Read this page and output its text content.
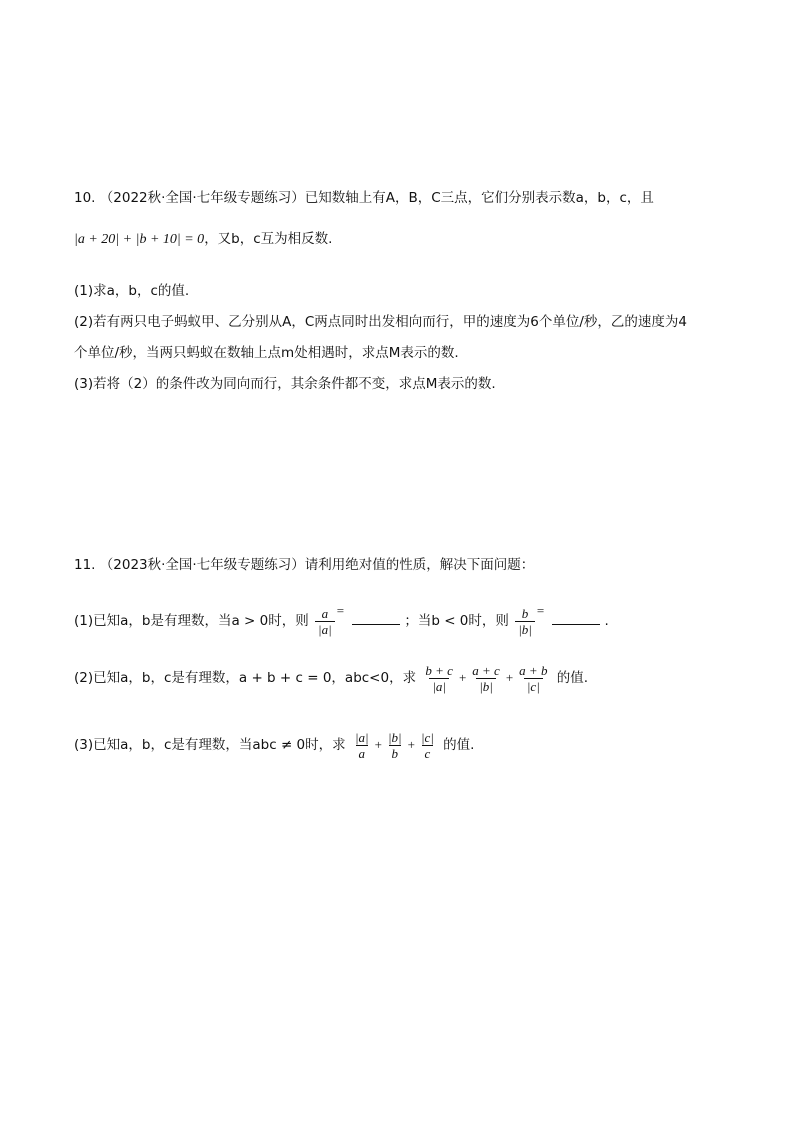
10. （2022秋·全国·七年级专题练习）已知数轴上有A，B，C三点，它们分别表示数a，b，c，且
|a + 20| + |b + 10| = 0，又b，c互为相反数.
(1)求a，b，c的值.
(2)若有两只电子蚂蚁甲、乙分别从A，C两点同时出发相向而行，甲的速度为6个单位/秒，乙的速度为4
个单位/秒，当两只蚂蚁在数轴上点m处相遇时，求点M表示的数.
(3)若将（2）的条件改为同向而行，其余条件都不变，求点M表示的数.
11. （2023秋·全国·七年级专题练习）请利用绝对值的性质，解决下面问题：
(1)已知a，b是有理数，当a > 0时，则 $\frac{a}{|a|}$ = ；当b < 0时，则 $\frac{b}{|b|}$ = .
(2)已知a，b，c是有理数，a + b + c = 0，abc<0，求 $\frac{b + c}{|a|} + \frac{a + c}{|b|} + \frac{a + b}{|c|}$ 的值.
(3)已知a，b，c是有理数，当abc ≠ 0时，求 $\frac{|a|}{a} + \frac{|b|}{b} + \frac{|c|}{c}$ 的值.
